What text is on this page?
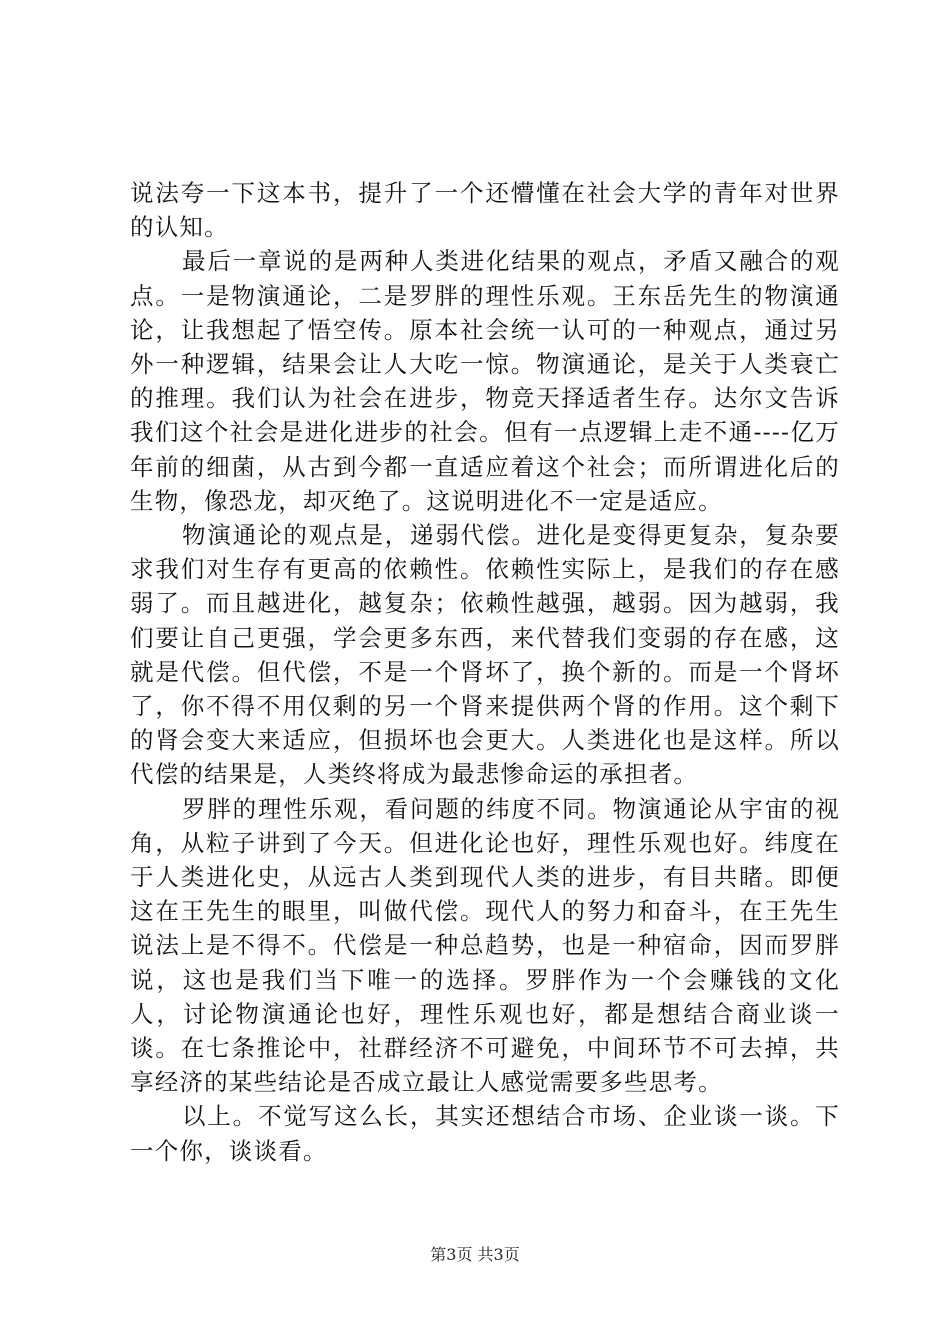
说法夸一下这本书，提升了一个还懵懂在社会大学的青年对世界的认知。

最后一章说的是两种人类进化结果的观点，矛盾又融合的观点。一是物演通论，二是罗胖的理性乐观。王东岳先生的物演通论，让我想起了悟空传。原本社会统一认可的一种观点，通过另外一种逻辑，结果会让人大吃一惊。物演通论，是关于人类衰亡的推理。我们认为社会在进步，物竞天择适者生存。达尔文告诉我们这个社会是进化进步的社会。但有一点逻辑上走不通----亿万年前的细菌，从古到今都一直适应着这个社会；而所谓进化后的生物，像恐龙，却灭绝了。这说明进化不一定是适应。

物演通论的观点是，递弱代偿。进化是变得更复杂，复杂要求我们对生存有更高的依赖性。依赖性实际上，是我们的存在感弱了。而且越进化，越复杂；依赖性越强，越弱。因为越弱，我们要让自己更强，学会更多东西，来代替我们变弱的存在感，这就是代偿。但代偿，不是一个肾坏了，换个新的。而是一个肾坏了，你不得不用仅剩的另一个肾来提供两个肾的作用。这个剩下的肾会变大来适应，但损坏也会更大。人类进化也是这样。所以代偿的结果是，人类终将成为最悲惨命运的承担者。

罗胖的理性乐观，看问题的纬度不同。物演通论从宇宙的视角，从粒子讲到了今天。但进化论也好，理性乐观也好。纬度在于人类进化史，从远古人类到现代人类的进步，有目共睹。即便这在王先生的眼里，叫做代偿。现代人的努力和奋斗，在王先生说法上是不得不。代偿是一种总趋势，也是一种宿命，因而罗胖说，这也是我们当下唯一的选择。罗胖作为一个会赚钱的文化人，讨论物演通论也好，理性乐观也好，都是想结合商业谈一谈。在七条推论中，社群经济不可避免，中间环节不可去掉，共享经济的某些结论是否成立最让人感觉需要多些思考。

以上。不觉写这么长，其实还想结合市场、企业谈一谈。下一个你，谈谈看。

第3页 共3页
